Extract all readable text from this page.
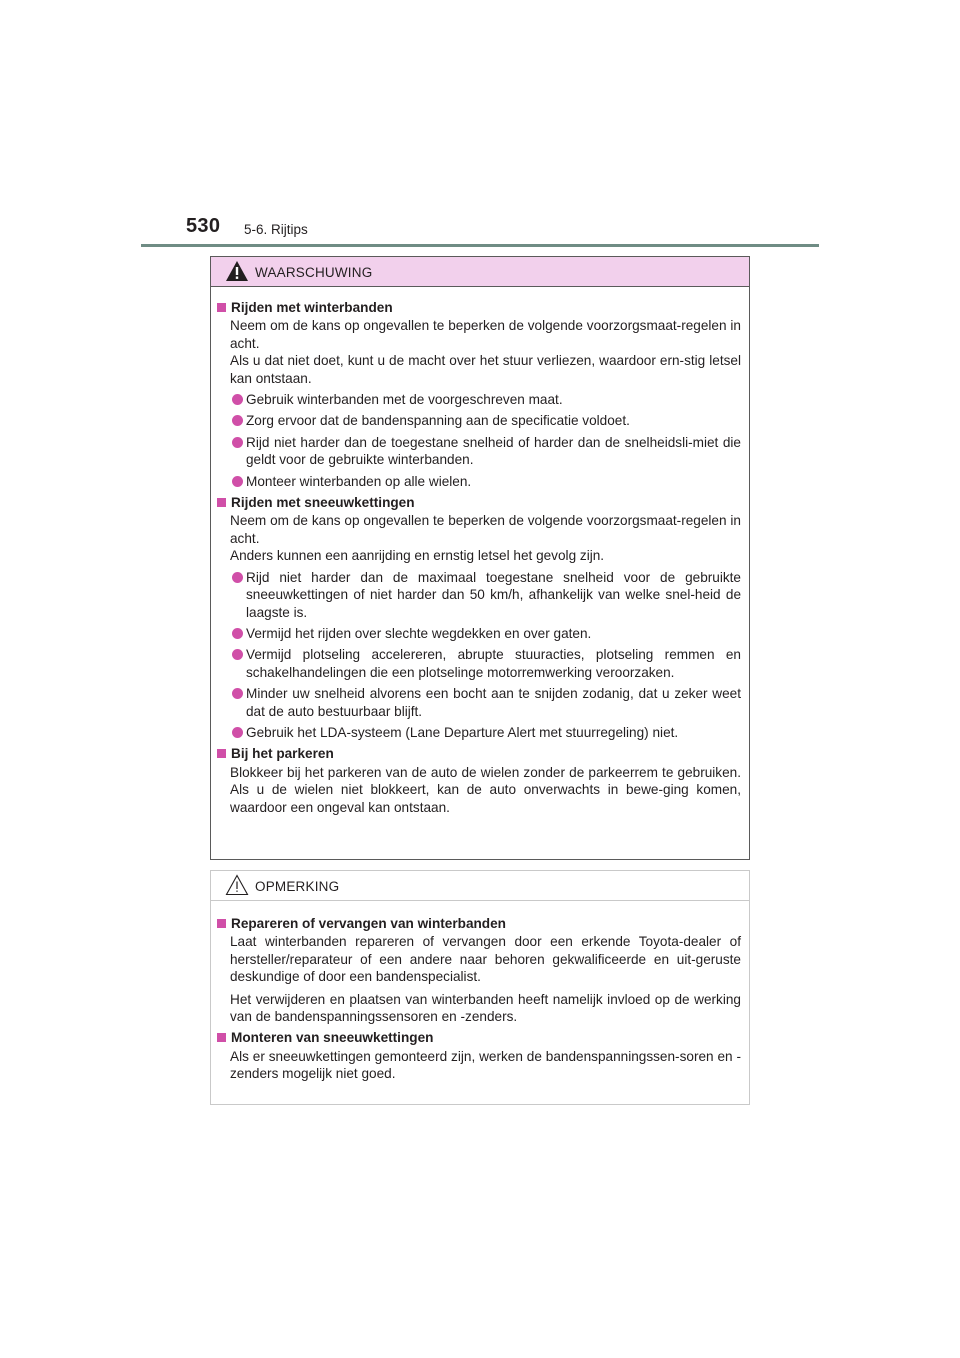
530 5-6. Rijtips
WAARSCHUWING
Rijden met winterbanden
Neem om de kans op ongevallen te beperken de volgende voorzorgsmaat-regelen in acht.
Als u dat niet doet, kunt u de macht over het stuur verliezen, waardoor ern-stig letsel kan ontstaan.
Gebruik winterbanden met de voorgeschreven maat.
Zorg ervoor dat de bandenspanning aan de specificatie voldoet.
Rijd niet harder dan de toegestane snelheid of harder dan de snelheidsli-miet die geldt voor de gebruikte winterbanden.
Monteer winterbanden op alle wielen.
Rijden met sneeuwkettingen
Neem om de kans op ongevallen te beperken de volgende voorzorgsmaat-regelen in acht.
Anders kunnen een aanrijding en ernstig letsel het gevolg zijn.
Rijd niet harder dan de maximaal toegestane snelheid voor de gebruikte sneeuwkettingen of niet harder dan 50 km/h, afhankelijk van welke snel-heid de laagste is.
Vermijd het rijden over slechte wegdekken en over gaten.
Vermijd plotseling accelereren, abrupte stuuracties, plotseling remmen en schakelhandelingen die een plotselinge motorremwerking veroorzaken.
Minder uw snelheid alvorens een bocht aan te snijden zodanig, dat u zeker weet dat de auto bestuurbaar blijft.
Gebruik het LDA-systeem (Lane Departure Alert met stuurregeling) niet.
Bij het parkeren
Blokkeer bij het parkeren van de auto de wielen zonder de parkeerrem te gebruiken. Als u de wielen niet blokkeert, kan de auto onverwachts in bewe-ging komen, waardoor een ongeval kan ontstaan.
OPMERKING
Repareren of vervangen van winterbanden
Laat winterbanden repareren of vervangen door een erkende Toyota-dealer of hersteller/reparateur of een andere naar behoren gekwalificeerde en uit-geruste deskundige of door een bandenspecialist.
Het verwijderen en plaatsen van winterbanden heeft namelijk invloed op de werking van de bandenspanningssensoren en -zenders.
Monteren van sneeuwkettingen
Als er sneeuwkettingen gemonteerd zijn, werken de bandenspanningssen-soren en -zenders mogelijk niet goed.
